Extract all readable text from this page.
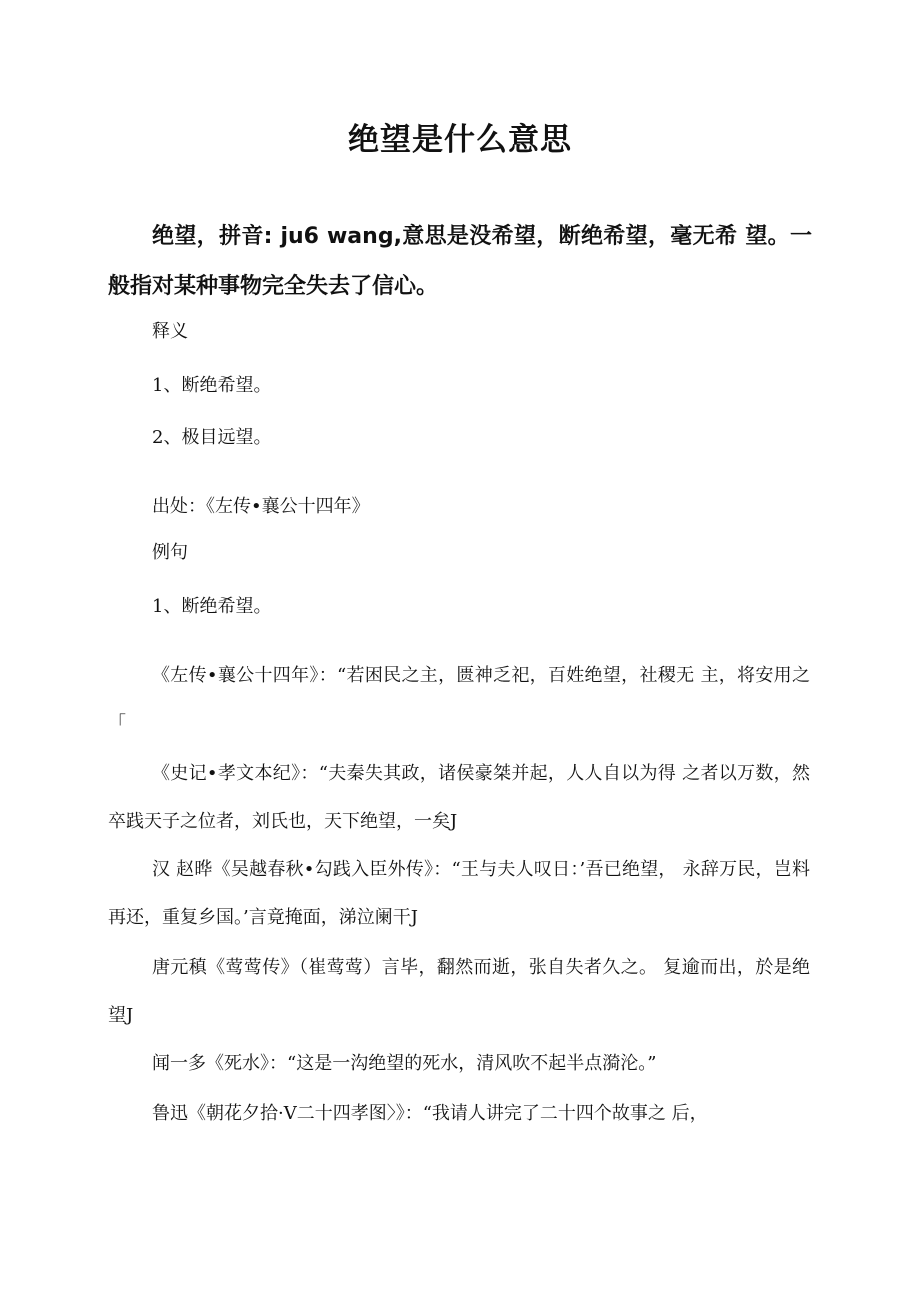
绝望是什么意思

绝望，拼音: ju6 wang,意思是没希望，断绝希望，毫无希 望。一般指对某种事物完全失去了信心。

释义

1、断绝希望。

2、极目远望。

出处：《左传•襄公十四年》

例句

1、断绝希望。

《左传•襄公十四年》：“若困民之主，匮神乏祀，百姓绝望，社稷无 主，将安用之「

《史记•孝文本纪》：“夫秦失其政，诸侯豪桀并起，人人自以为得 之者以万数，然卒践天子之位者，刘氏也，天下绝望，一矣J

汉 赵晔《吴越春秋•勾践入臣外传》：“王与夫人叹日：’吾已绝望， 永辞万民，岂料再还，重复乡国。’言竟掩面，涕泣阑干J

唐元稹《莺莺传》（崔莺莺）言毕，翻然而逝，张自失者久之。 复逾而出，於是绝望J

闻一多《死水》：“这是一沟绝望的死水，清风吹不起半点漪沦。”

鲁迅《朝花夕拾·V二十四孝图〉》：“我请人讲完了二十四个故事之 后，
